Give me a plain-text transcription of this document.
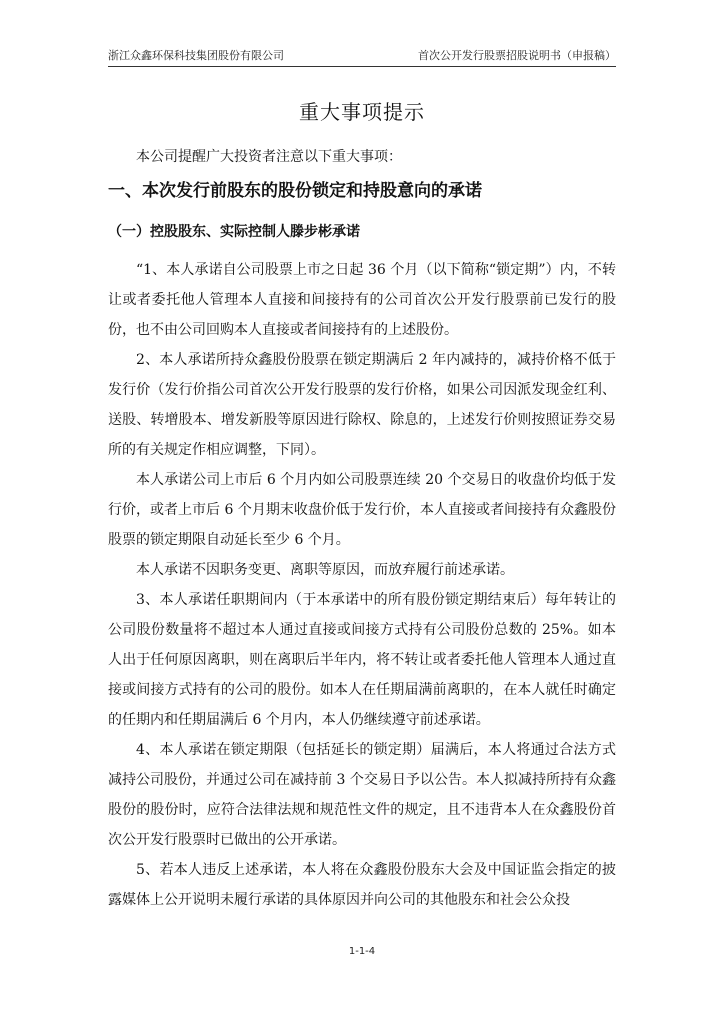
浙江众鑫环保科技集团股份有限公司	首次公开发行股票招股说明书（申报稿）
重大事项提示
本公司提醒广大投资者注意以下重大事项：
一、本次发行前股东的股份锁定和持股意向的承诺
（一）控股股东、实际控制人滕步彬承诺

“1、本人承诺自公司股票上市之日起 36 个月（以下简称“锁定期”）内，不转让或者委托他人管理本人直接和间接持有的公司首次公开发行股票前已发行的股份，也不由公司回购本人直接或者间接持有的上述股份。

2、本人承诺所持众鑫股份股票在锁定期满后 2 年内减持的，减持价格不低于发行价（发行价指公司首次公开发行股票的发行价格，如果公司因派发现金红利、送股、转增股本、增发新股等原因进行除权、除息的，上述发行价则按照证券交易所的有关规定作相应调整，下同）。

本人承诺公司上市后 6 个月内如公司股票连续 20 个交易日的收盘价均低于发行价，或者上市后 6 个月期末收盘价低于发行价，本人直接或者间接持有众鑫股份股票的锁定期限自动延长至少 6 个月。

本人承诺不因职务变更、离职等原因，而放弃履行前述承诺。

3、本人承诺任职期间内（于本承诺中的所有股份锁定期结束后）每年转让的公司股份数量将不超过本人通过直接或间接方式持有公司股份总数的 25%。如本人出于任何原因离职，则在离职后半年内，将不转让或者委托他人管理本人通过直接或间接方式持有的公司的股份。如本人在任期届满前离职的，在本人就任时确定的任期内和任期届满后 6 个月内，本人仍继续遵守前述承诺。

4、本人承诺在锁定期限（包括延长的锁定期）届满后，本人将通过合法方式减持公司股份，并通过公司在减持前 3 个交易日予以公告。本人拟减持所持有众鑫股份的股份时，应符合法律法规和规范性文件的规定，且不违背本人在众鑫股份首次公开发行股票时已做出的公开承诺。

5、若本人违反上述承诺，本人将在众鑫股份股东大会及中国证监会指定的披露媒体上公开说明未履行承诺的具体原因并向公司的其他股东和社会公众投

1-1-4
